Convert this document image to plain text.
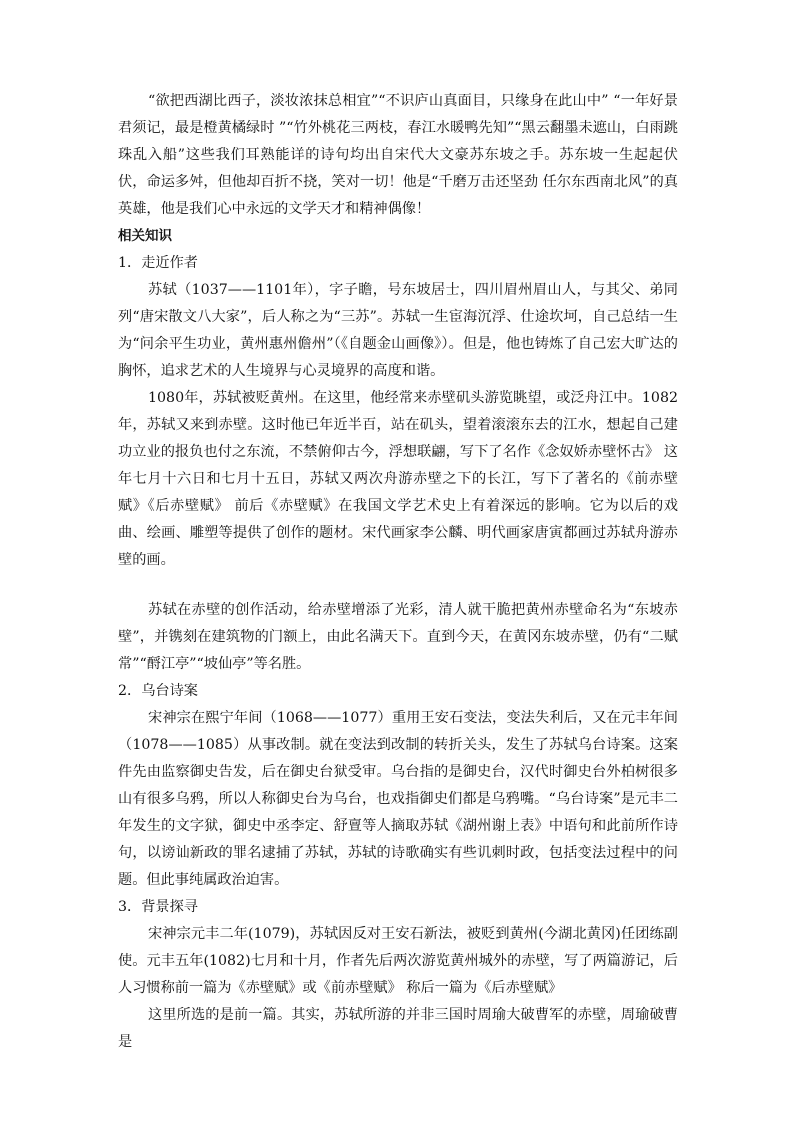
“欲把西湖比西子，淡妆浓抹总相宜”“不识庐山真面目，只缘身在此山中” “一年好景君须记，最是橙黄橘绿时 ”“竹外桃花三两枝，春江水暖鸭先知”“黑云翻墨未遮山，白雨跳珠乱入船”这些我们耳熟能详的诗句均出自宋代大文豪苏东坡之手。苏东坡一生起起伏伏，命运多舛，但他却百折不挠，笑对一切！他是“千磨万击还坚劲 任尔东西南北风”的真英雄，他是我们心中永远的文学天才和精神偶像！

相关知识

1．走近作者

苏轼（1037——1101年），字子瞻，号东坡居士，四川眉州眉山人，与其父、弟同列“唐宋散文八大家”，后人称之为“三苏”。苏轼一生宦海沉浮、仕途坎坷，自己总结一生为“问余平生功业，黄州惠州儋州”（《自题金山画像》）。但是，他也铸炼了自己宏大旷达的胸怀，追求艺术的人生境界与心灵境界的高度和谐。

1080年，苏轼被贬黄州。在这里，他经常来赤壁矶头游览眺望，或泛舟江中。1082年，苏轼又来到赤壁。这时他已年近半百，站在矶头，望着滚滚东去的江水，想起自己建功立业的报负也付之东流，不禁俯仰古今，浮想联翩，写下了名作《念奴娇赤壁怀古》 这年七月十六日和七月十五日，苏轼又两次舟游赤壁之下的长江，写下了著名的《前赤壁赋》《后赤壁赋》 前后《赤壁赋》在我国文学艺术史上有着深远的影响。它为以后的戏曲、绘画、雕塑等提供了创作的题材。宋代画家李公麟、明代画家唐寅都画过苏轼舟游赤壁的画。

苏轼在赤壁的创作活动，给赤壁增添了光彩，清人就干脆把黄州赤壁命名为“东坡赤壁”，并镌刻在建筑物的门额上，由此名满天下。直到今天，在黄冈东坡赤壁，仍有“二赋常”“酹江亭”“坡仙亭”等名胜。

2．乌台诗案

宋神宗在熙宁年间（1068——1077）重用王安石变法，变法失利后，又在元丰年间（1078——1085）从事改制。就在变法到改制的转折关头，发生了苏轼乌台诗案。这案件先由监察御史告发，后在御史台狱受审。乌台指的是御史台，汉代时御史台外柏树很多山有很多乌鸦，所以人称御史台为乌台，也戏指御史们都是乌鸦嘴。“乌台诗案”是元丰二年发生的文字狱，御史中丞李定、舒亶等人摘取苏轼《湖州谢上表》中语句和此前所作诗句，以谤讪新政的罪名逮捕了苏轼，苏轼的诗歌确实有些讥刺时政，包括变法过程中的问题。但此事纯属政治迫害。

3．背景探寻

宋神宗元丰二年(1079)，苏轼因反对王安石新法，被贬到黄州(今湖北黄冈)任团练副使。元丰五年(1082)七月和十月，作者先后两次游览黄州城外的赤壁，写了两篇游记，后人习惯称前一篇为《赤壁赋》或《前赤壁赋》 称后一篇为《后赤壁赋》

这里所选的是前一篇。其实，苏轼所游的并非三国时周瑜大破曹军的赤壁，周瑜破曹是
